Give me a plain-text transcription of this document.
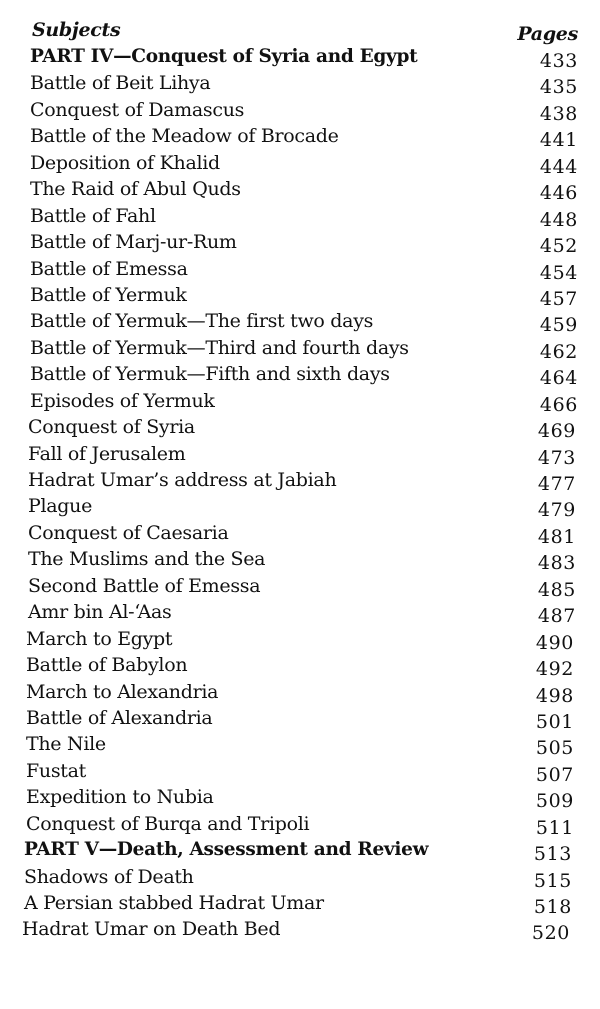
Subjects	Pages
PART IV—Conquest of Syria and Egypt	433
Battle of Beit Lihya	435
Conquest of Damascus	438
Battle of the Meadow of Brocade	441
Deposition of Khalid	444
The Raid of Abul Quds	446
Battle of Fahl	448
Battle of Marj-ur-Rum	452
Battle of Emessa	454
Battle of Yermuk	457
Battle of Yermuk—The first two days	459
Battle of Yermuk—Third and fourth days	462
Battle of Yermuk—Fifth and sixth days	464
Episodes of Yermuk	466
Conquest of Syria	469
Fall of Jerusalem	473
Hadrat Umar’s address at Jabiah	477
Plague	479
Conquest of Caesaria	481
The Muslims and the Sea	483
Second Battle of Emessa	485
Amr bin Al-‘Aas	487
March to Egypt	490
Battle of Babylon	492
March to Alexandria	498
Battle of Alexandria	501
The Nile	505
Fustat	507
Expedition to Nubia	509
Conquest of Burqa and Tripoli	511
PART V—Death, Assessment and Review	513
Shadows of Death	515
A Persian stabbed Hadrat Umar	518
Hadrat Umar on Death Bed	520
